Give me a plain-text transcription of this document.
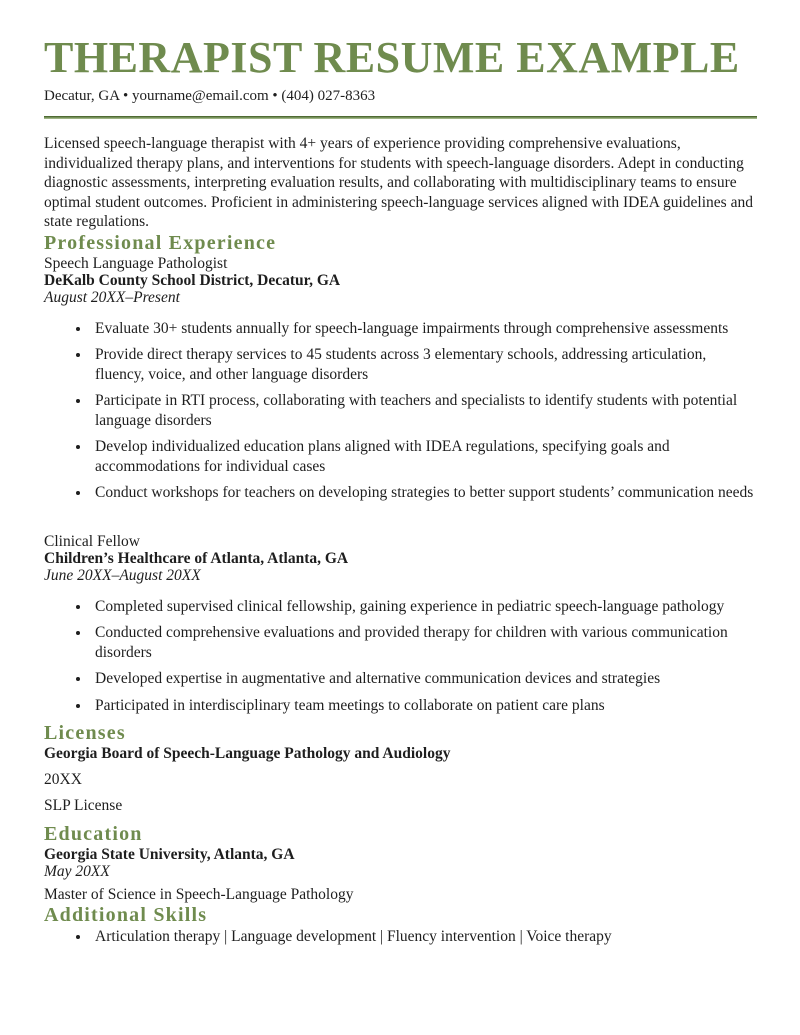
THERAPIST RESUME EXAMPLE

Decatur, GA • yourname@email.com • (404) 027-8363

Licensed speech-language therapist with 4+ years of experience providing comprehensive evaluations, individualized therapy plans, and interventions for students with speech-language disorders. Adept in conducting diagnostic assessments, interpreting evaluation results, and collaborating with multidisciplinary teams to ensure optimal student outcomes. Proficient in administering speech-language services aligned with IDEA guidelines and state regulations.

Professional Experience
Speech Language Pathologist
DeKalb County School District, Decatur, GA
August 20XX–Present
• Evaluate 30+ students annually for speech-language impairments through comprehensive assessments
• Provide direct therapy services to 45 students across 3 elementary schools, addressing articulation, fluency, voice, and other language disorders
• Participate in RTI process, collaborating with teachers and specialists to identify students with potential language disorders
• Develop individualized education plans aligned with IDEA regulations, specifying goals and accommodations for individual cases
• Conduct workshops for teachers on developing strategies to better support students’ communication needs
Clinical Fellow
Children’s Healthcare of Atlanta, Atlanta, GA
June 20XX–August 20XX
• Completed supervised clinical fellowship, gaining experience in pediatric speech-language pathology
• Conducted comprehensive evaluations and provided therapy for children with various communication disorders
• Developed expertise in augmentative and alternative communication devices and strategies
• Participated in interdisciplinary team meetings to collaborate on patient care plans
Licenses

Georgia Board of Speech-Language Pathology and Audiology

20XX

SLP License

Education

Georgia State University, Atlanta, GA

May 20XX

Master of Science in Speech-Language Pathology

Additional Skills
• Articulation therapy | Language development | Fluency intervention | Voice therapy
